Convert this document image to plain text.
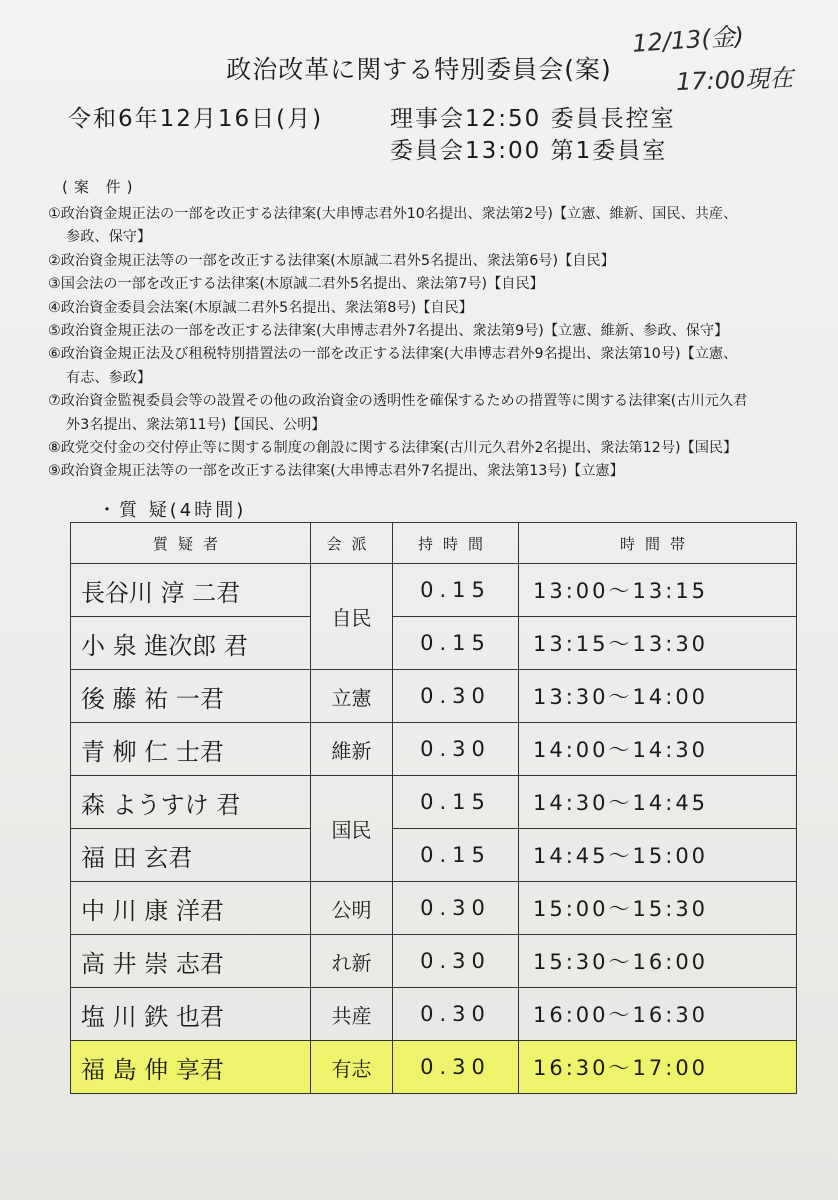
12/13(金)
17:00現在
政治改革に関する特別委員会(案)
令和6年12月16日(月)	理事会12:50 委員長控室
委員会13:00 第1委員室
(案 件)
①政治資金規正法の一部を改正する法律案(大串博志君外10名提出、衆法第2号)【立憲、維新、国民、共産、
参政、保守】
②政治資金規正法等の一部を改正する法律案(木原誠二君外5名提出、衆法第6号)【自民】
③国会法の一部を改正する法律案(木原誠二君外5名提出、衆法第7号)【自民】
④政治資金委員会法案(木原誠二君外5名提出、衆法第8号)【自民】
⑤政治資金規正法の一部を改正する法律案(大串博志君外7名提出、衆法第9号)【立憲、維新、参政、保守】
⑥政治資金規正法及び租税特別措置法の一部を改正する法律案(大串博志君外9名提出、衆法第10号)【立憲、
有志、参政】
⑦政治資金監視委員会等の設置その他の政治資金の透明性を確保するための措置等に関する法律案(古川元久君
外3名提出、衆法第11号)【国民、公明】
⑧政党交付金の交付停止等に関する制度の創設に関する法律案(古川元久君外2名提出、衆法第12号)【国民】
⑨政治資金規正法等の一部を改正する法律案(大串博志君外7名提出、衆法第13号)【立憲】
・質 疑(4時間)
質疑者	会派	持時間	時間帯
長谷川 淳 二君	自民	0.15	13:00〜13:15
小 泉 進次郎 君		0.15	13:15〜13:30
後 藤 祐 一君	立憲	0.30	13:30〜14:00
青 柳 仁 士君	維新	0.30	14:00〜14:30
森 ようすけ 君	国民	0.15	14:30〜14:45
福 田 玄君		0.15	14:45〜15:00
中 川 康 洋君	公明	0.30	15:00〜15:30
高 井 崇 志君	れ新	0.30	15:30〜16:00
塩 川 鉄 也君	共産	0.30	16:00〜16:30
福 島 伸 享君	有志	0.30	16:30〜17:00
